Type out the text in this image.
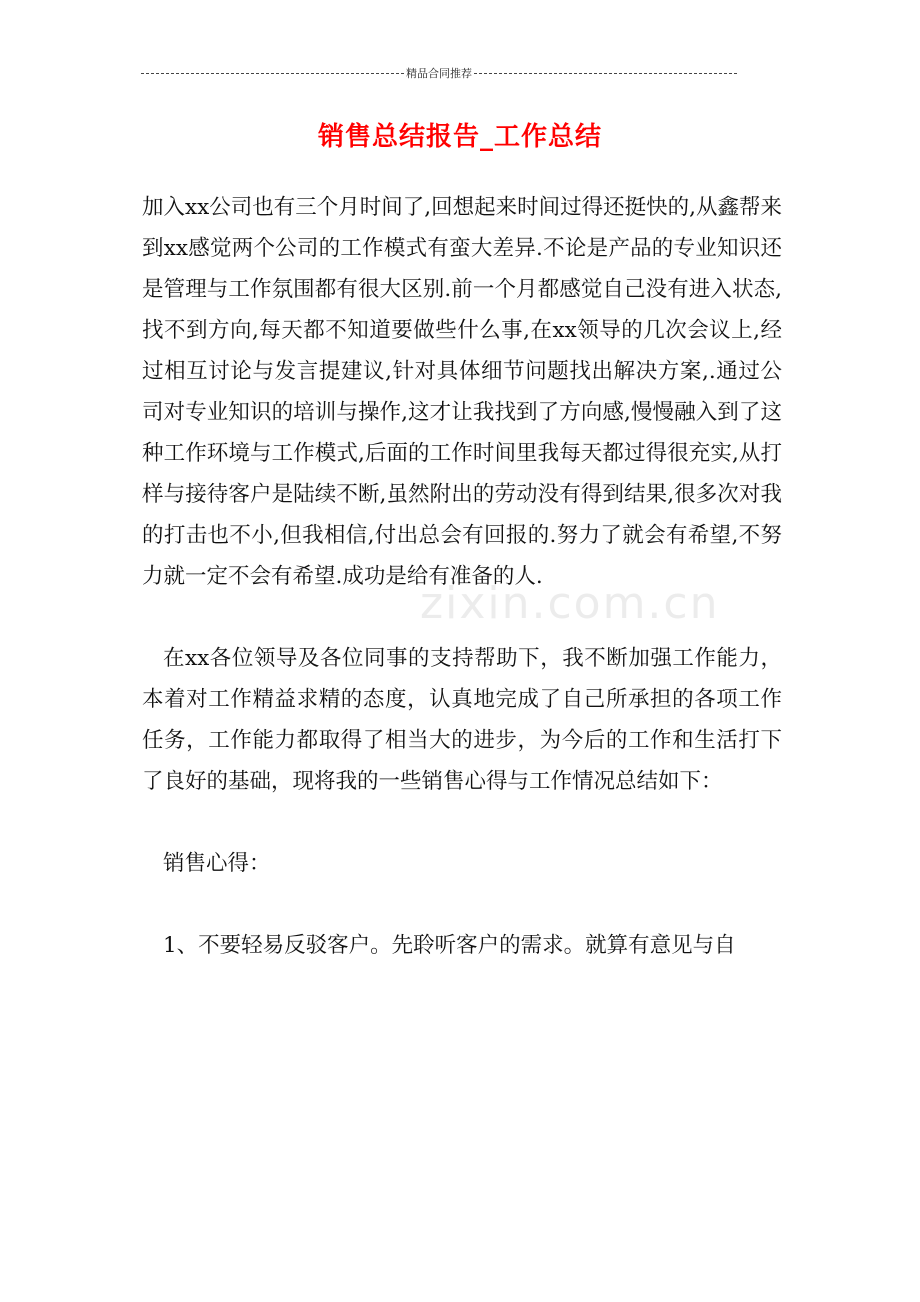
精品合同推荐
销售总结报告_工作总结

加入xx公司也有三个月时间了,回想起来时间过得还挺快的,从鑫帮来到xx感觉两个公司的工作模式有蛮大差异.不论是产品的专业知识还是管理与工作氛围都有很大区别.前一个月都感觉自己没有进入状态,找不到方向,每天都不知道要做些什么事,在xx领导的几次会议上,经过相互讨论与发言提建议,针对具体细节问题找出解决方案,.通过公司对专业知识的培训与操作,这才让我找到了方向感,慢慢融入到了这种工作环境与工作模式,后面的工作时间里我每天都过得很充实,从打样与接待客户是陆续不断,虽然附出的劳动没有得到结果,很多次对我的打击也不小,但我相信,付出总会有回报的.努力了就会有希望,不努力就一定不会有希望.成功是给有准备的人.

在xx各位领导及各位同事的支持帮助下，我不断加强工作能力，本着对工作精益求精的态度，认真地完成了自己所承担的各项工作任务，工作能力都取得了相当大的进步，为今后的工作和生活打下了良好的基础，现将我的一些销售心得与工作情况总结如下：

销售心得：

1、不要轻易反驳客户。先聆听客户的需求。就算有意见与自

zixin.com.cn
